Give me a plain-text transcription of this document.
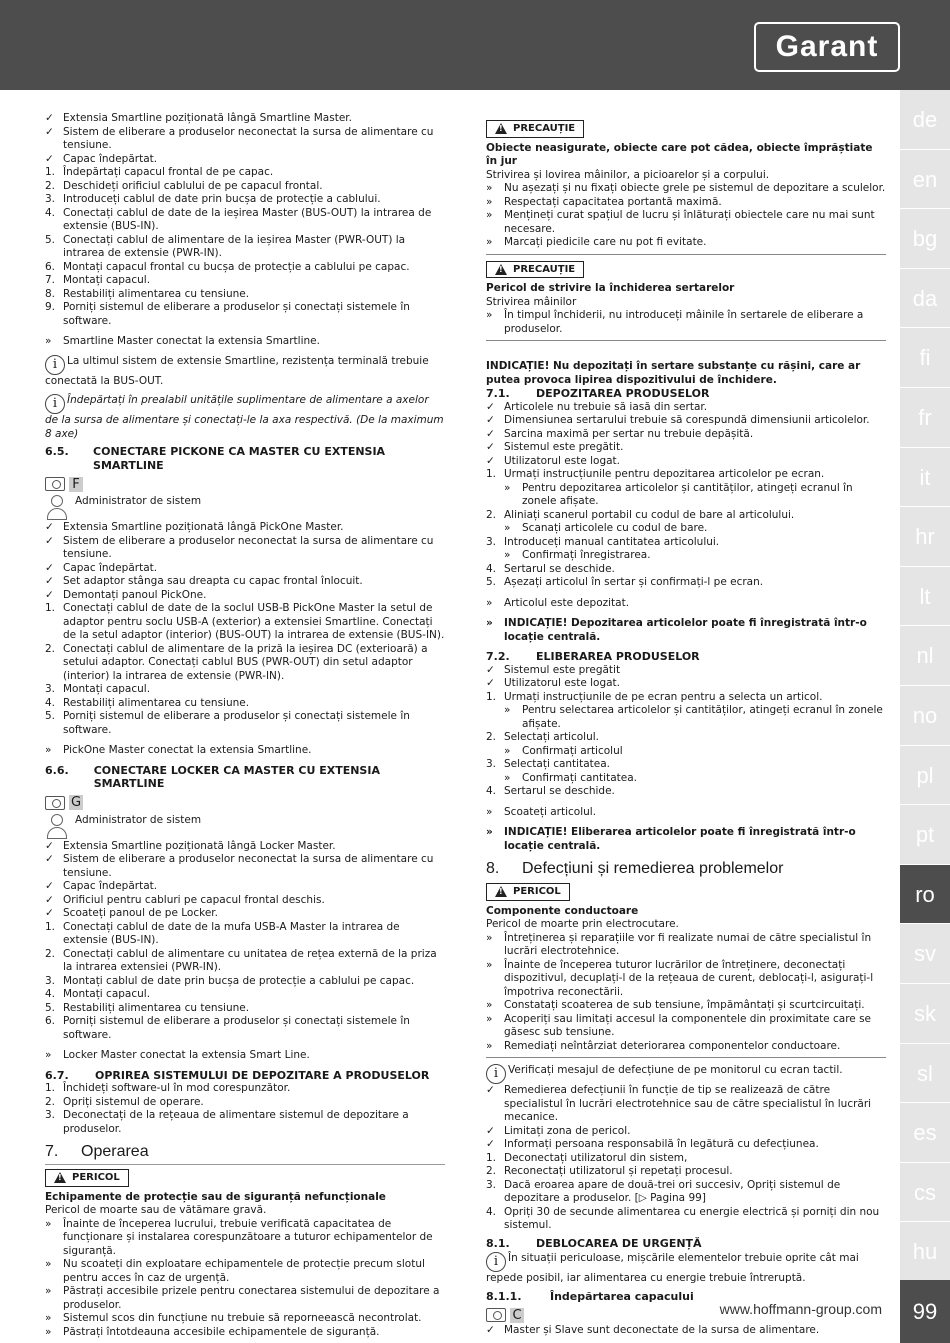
Garant
de
en
bg
da
fi
fr
it
hr
lt
nl
no
pl
pt
ro
sv
sk
sl
es
cs
hu
99
www.hoffmann-group.com
✓ Extensia Smartline poziționată lângă Smartline Master.
✓ Sistem de eliberare a produselor neconectat la sursa de alimentare cu tensiune.
✓ Capac îndepărtat.
1. Îndepărtați capacul frontal de pe capac.
2. Deschideți orificiul cablului de pe capacul frontal.
3. Introduceți cablul de date prin bucșa de protecție a cablului.
4. Conectați cablul de date de la ieșirea Master (BUS-OUT) la intrarea de extensie (BUS-IN).
5. Conectați cablul de alimentare de la ieșirea Master (PWR-OUT) la intrarea de extensie (PWR-IN).
6. Montați capacul frontal cu bucșa de protecție a cablului pe capac.
7. Montați capacul.
8. Restabiliți alimentarea cu tensiune.
9. Porniți sistemul de eliberare a produselor și conectați sistemele în software.
»	Smartline Master conectat la extensia Smartline.
i La ultimul sistem de extensie Smartline, rezistența terminală trebuie conectată la BUS-OUT.
i Îndepărtați în prealabil unitățile suplimentare de alimentare a axelor de la sursa de alimentare și conectați-le la axa respectivă. (De la maximum 8 axe)
6.5.	CONECTARE PICKONE CA MASTER CU EXTENSIA SMARTLINE
F
Administrator de sistem
✓ Extensia Smartline poziționată lângă PickOne Master.
✓ Sistem de eliberare a produselor neconectat la sursa de alimentare cu tensiune.
✓ Capac îndepărtat.
✓ Set adaptor stânga sau dreapta cu capac frontal înlocuit.
✓ Demontați panoul PickOne.
1. Conectați cablul de date de la soclul USB-B PickOne Master la setul de adaptor pentru soclu USB-A (exterior) a extensiei Smartline. Conectați de la setul adaptor (interior) (BUS-OUT) la intrarea de extensie (BUS-IN).
2. Conectați cablul de alimentare de la priză la ieșirea DC (exterioară) a setului adaptor. Conectați cablul BUS (PWR-OUT) din setul adaptor (interior) la intrarea de extensie (PWR-IN).
3. Montați capacul.
4. Restabiliți alimentarea cu tensiune.
5. Porniți sistemul de eliberare a produselor și conectați sistemele în software.
»	PickOne Master conectat la extensia Smartline.
6.6.	CONECTARE LOCKER CA MASTER CU EXTENSIA SMARTLINE
G
Administrator de sistem
✓ Extensia Smartline poziționată lângă Locker Master.
✓ Sistem de eliberare a produselor neconectat la sursa de alimentare cu tensiune.
✓ Capac îndepărtat.
✓ Orificiul pentru cabluri pe capacul frontal deschis.
✓ Scoateți panoul de pe Locker.
1. Conectați cablul de date de la mufa USB-A Master la intrarea de extensie (BUS-IN).
2. Conectați cablul de alimentare cu unitatea de rețea externă de la priza la intrarea extensiei (PWR-IN).
3. Montați cablul de date prin bucșa de protecție a cablului pe capac.
4. Montați capacul.
5. Restabiliți alimentarea cu tensiune.
6. Porniți sistemul de eliberare a produselor și conectați sistemele în software.
»	Locker Master conectat la extensia Smart Line.
6.7.	OPRIREA SISTEMULUI DE DEPOZITARE A PRODUSELOR
1. Închideți software-ul în mod corespunzător.
2. Opriți sistemul de operare.
3. Deconectați de la rețeaua de alimentare sistemul de depozitare a produselor.
7.	Operarea
!
PERICOL
Echipamente de protecție sau de siguranță nefuncționale
Pericol de moarte sau de vătămare gravă.
»	Înainte de începerea lucrului, trebuie verificată capacitatea de funcționare și instalarea corespunzătoare a tuturor echipamentelor de siguranță.
»	Nu scoateți din exploatare echipamentele de protecție precum slotul pentru acces în caz de urgență.
»	Păstrați accesibile prizele pentru conectarea sistemului de depozitare a produselor.
»	Sistemul scos din funcțiune nu trebuie să reporneească necontrolat.
»	Păstrați întotdeauna accesibile echipamentele de siguranță.
!
PRECAUȚIE
Obiecte neasigurate, obiecte care pot cădea, obiecte împrăștiate în jur
Strivirea și lovirea mâinilor, a picioarelor și a corpului.
»	Nu așezați și nu fixați obiecte grele pe sistemul de depozitare a sculelor.
»	Respectați capacitatea portantă maximă.
»	Mențineți curat spațiul de lucru și înlăturați obiectele care nu mai sunt necesare.
»	Marcați piedicile care nu pot fi evitate.
!
PRECAUȚIE
Pericol de strivire la închiderea sertarelor
Strivirea mâinilor
»	În timpul închiderii, nu introduceți mâinile în sertarele de eliberare a produselor.
INDICAȚIE! Nu depozitați în sertare substanțe cu rășini, care ar putea provoca lipirea dispozitivului de închidere.
7.1.	DEPOZITAREA PRODUSELOR
✓ Articolele nu trebuie să iasă din sertar.
✓ Dimensiunea sertarului trebuie să corespundă dimensiunii articolelor.
✓ Sarcina maximă per sertar nu trebuie depășită.
✓ Sistemul este pregătit.
✓ Utilizatorul este logat.
1. Urmați instrucțiunile pentru depozitarea articolelor pe ecran.
»	Pentru depozitarea articolelor și cantităților, atingeți ecranul în zonele afișate.
2. Aliniați scanerul portabil cu codul de bare al articolului.
»	Scanați articolele cu codul de bare.
3. Introduceți manual cantitatea articolului.
»	Confirmați înregistrarea.
4. Sertarul se deschide.
5. Așezați articolul în sertar și confirmați-l pe ecran.
»	Articolul este depozitat.
»	INDICAȚIE! Depozitarea articolelor poate fi înregistrată într-o locație centrală.
7.2.	ELIBERAREA PRODUSELOR
✓ Sistemul este pregătit
✓ Utilizatorul este logat.
1. Urmați instrucțiunile de pe ecran pentru a selecta un articol.
»	Pentru selectarea articolelor și cantităților, atingeți ecranul în zonele afișate.
2. Selectați articolul.
»	Confirmați articolul
3. Selectați cantitatea.
»	Confirmați cantitatea.
4. Sertarul se deschide.
»	Scoateți articolul.
»	INDICAȚIE! Eliberarea articolelor poate fi înregistrată într-o locație centrală.
8.	Defecțiuni și remedierea problemelor
!
PERICOL
Componente conductoare
Pericol de moarte prin electrocutare.
»	Întreținerea și reparațiile vor fi realizate numai de către specialistul în lucrări electrotehnice.
»	Înainte de începerea tuturor lucrărilor de întreținere, deconectați dispozitivul, decuplați-l de la rețeaua de curent, deblocați-l, asigurați-l împotriva reconectării.
»	Constatați scoaterea de sub tensiune, împământați și scurtcircuitați.
»	Acoperiți sau limitați accesul la componentele din proximitate care se găsesc sub tensiune.
»	Remediați neîntârziat deteriorarea componentelor conductoare.
i Verificați mesajul de defecțiune de pe monitorul cu ecran tactil.
✓ Remedierea defecțiunii în funcție de tip se realizează de către specialistul în lucrări electrotehnice sau de către specialistul în lucrări mecanice.
✓ Limitați zona de pericol.
✓ Informați persoana responsabilă în legătură cu defecțiunea.
1. Deconectați utilizatorul din sistem,
2. Reconectați utilizatorul și repetați procesul.
3. Dacă eroarea apare de două-trei ori succesiv, Opriți sistemul de depozitare a produselor. [▷ Pagina 99]
4. Opriți 30 de secunde alimentarea cu energie electrică și porniți din nou sistemul.
8.1.	DEBLOCAREA DE URGENȚĂ
i În situații periculoase, mișcările elementelor trebuie oprite cât mai repede posibil, iar alimentarea cu energie trebuie întreruptă.
8.1.1.	Îndepărtarea capacului
C
✓ Master și Slave sunt deconectate de la sursa de alimentare.
